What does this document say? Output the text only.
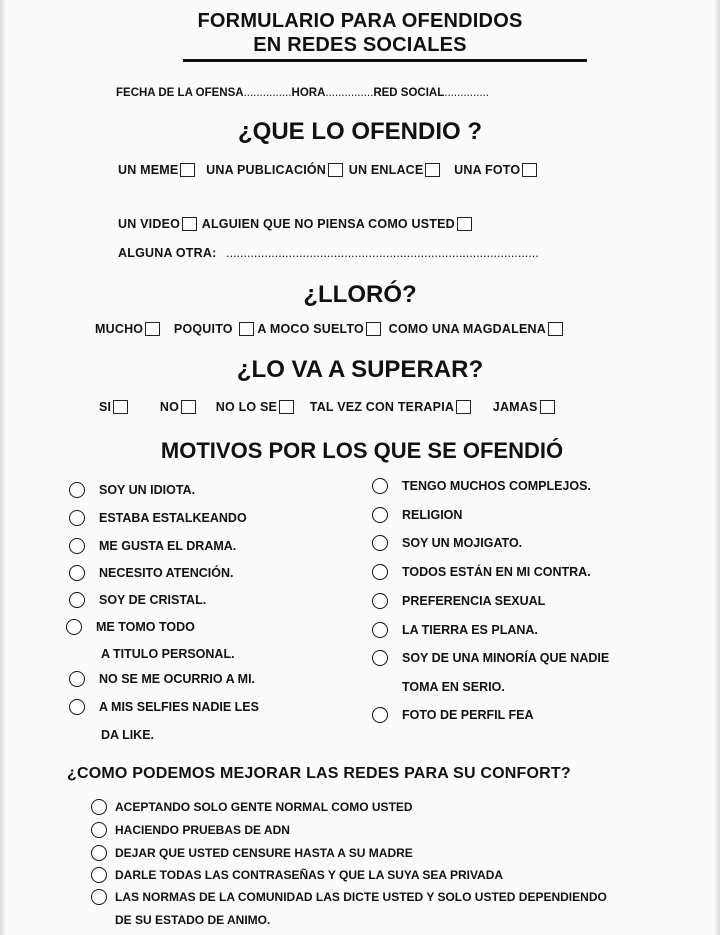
FORMULARIO PARA OFENDIDOS
EN REDES SOCIALES
FECHA DE LA OFENSA...............HORA...............RED SOCIAL..............
¿QUE LO OFENDIO ?
UN MEME
UNA PUBLICACIÓN
UN ENLACE
UNA FOTO
UN VIDEO
ALGUIEN QUE NO PIENSA COMO USTED
ALGUNA OTRA: ..........................................................................................
¿LLORÓ?
MUCHO
POQUITO
A MOCO SUELTO
COMO UNA MAGDALENA
¿LO VA A SUPERAR?
SI
	NO
	NO LO SE
	TAL VEZ CON TERAPIA
	JAMAS
MOTIVOS POR LOS QUE SE OFENDIÓ
SOY UN IDIOTA.
ESTABA ESTALKEANDO
ME GUSTA EL DRAMA.
NECESITO ATENCIÓN.
SOY DE CRISTAL.
ME TOMO TODO
A TITULO PERSONAL.
NO SE ME OCURRIO A MI.
A MIS SELFIES NADIE LES
DA LIKE.
TENGO MUCHOS COMPLEJOS.
RELIGION
SOY UN MOJIGATO.
TODOS ESTÁN EN MI CONTRA.
PREFERENCIA SEXUAL
LA TIERRA ES PLANA.
SOY DE UNA MINORÍA QUE NADIE
TOMA EN SERIO.
FOTO DE PERFIL FEA
¿COMO PODEMOS MEJORAR LAS REDES PARA SU CONFORT?
ACEPTANDO SOLO GENTE NORMAL COMO USTED
HACIENDO PRUEBAS DE ADN
DEJAR QUE USTED CENSURE HASTA A SU MADRE
DARLE TODAS LAS CONTRASEÑAS Y QUE LA SUYA SEA PRIVADA
LAS NORMAS DE LA COMUNIDAD LAS DICTE USTED Y SOLO USTED DEPENDIENDO
DE SU ESTADO DE ANIMO.
